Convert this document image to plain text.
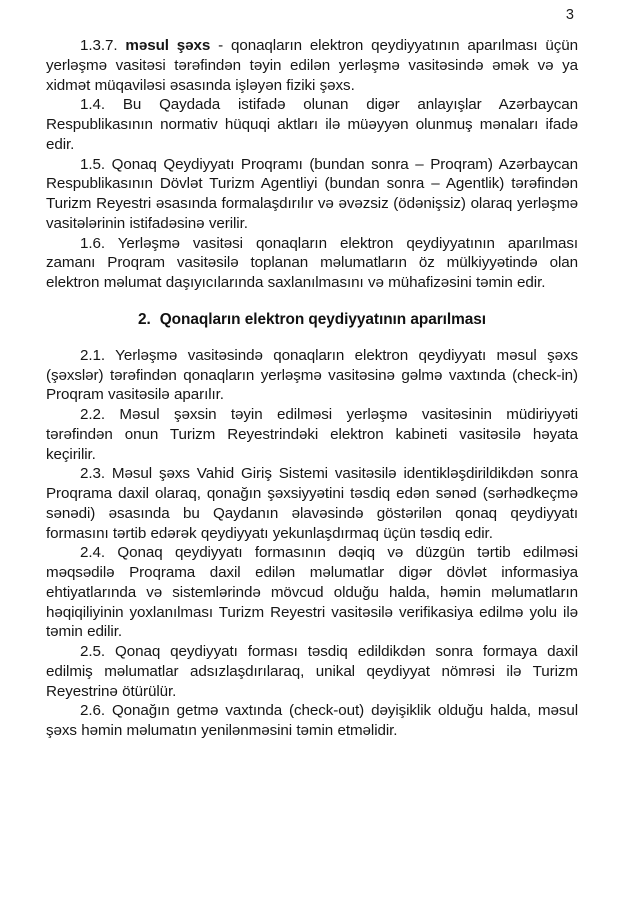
3

1.3.7. məsul şəxs - qonaqların elektron qeydiyyatının aparılması üçün yerləşmə vasitəsi tərəfindən təyin edilən yerləşmə vasitəsində əmək və ya xidmət müqaviləsi əsasında işləyən fiziki şəxs.

1.4. Bu Qaydada istifadə olunan digər anlayışlar Azərbaycan Respublikasının normativ hüquqi aktları ilə müəyyən olunmuş mənaları ifadə edir.

1.5. Qonaq Qeydiyyatı Proqramı (bundan sonra – Proqram) Azərbaycan Respublikasının Dövlət Turizm Agentliyi (bundan sonra – Agentlik) tərəfindən Turizm Reyestri əsasında formalaşdırılır və əvəzsiz (ödənişsiz) olaraq yerləşmə vasitələrinin istifadəsinə verilir.

1.6. Yerləşmə vasitəsi qonaqların elektron qeydiyyatının aparılması zamanı Proqram vasitəsilə toplanan məlumatların öz mülkiyyətində olan elektron məlumat daşıyıcılarında saxlanılmasını və mühafizəsini təmin edir.

2. Qonaqların elektron qeydiyyatının aparılması

2.1. Yerləşmə vasitəsində qonaqların elektron qeydiyyatı məsul şəxs (şəxslər) tərəfindən qonaqların yerləşmə vasitəsinə gəlmə vaxtında (check-in) Proqram vasitəsilə aparılır.

2.2. Məsul şəxsin təyin edilməsi yerləşmə vasitəsinin müdiriyyəti tərəfindən onun Turizm Reyestrindəki elektron kabineti vasitəsilə həyata keçirilir.

2.3. Məsul şəxs Vahid Giriş Sistemi vasitəsilə identikləşdirildikdən sonra Proqrama daxil olaraq, qonağın şəxsiyyətini təsdiq edən sənəd (sərhədkeçmə sənədi) əsasında bu Qaydanın əlavəsində göstərilən qonaq qeydiyyatı formasını tərtib edərək qeydiyyatı yekunlaşdırmaq üçün təsdiq edir.

2.4. Qonaq qeydiyyatı formasının dəqiq və düzgün tərtib edilməsi məqsədilə Proqrama daxil edilən məlumatlar digər dövlət informasiya ehtiyatlarında və sistemlərində mövcud olduğu halda, həmin məlumatların həqiqiliyinin yoxlanılması Turizm Reyestri vasitəsilə verifikasiya edilmə yolu ilə təmin edilir.

2.5. Qonaq qeydiyyatı forması təsdiq edildikdən sonra formaya daxil edilmiş məlumatlar adsızlaşdırılaraq, unikal qeydiyyat nömrəsi ilə Turizm Reyestrinə ötürülür.

2.6. Qonağın getmə vaxtında (check-out) dəyişiklik olduğu halda, məsul şəxs həmin məlumatın yenilənməsini təmin etməlidir.
